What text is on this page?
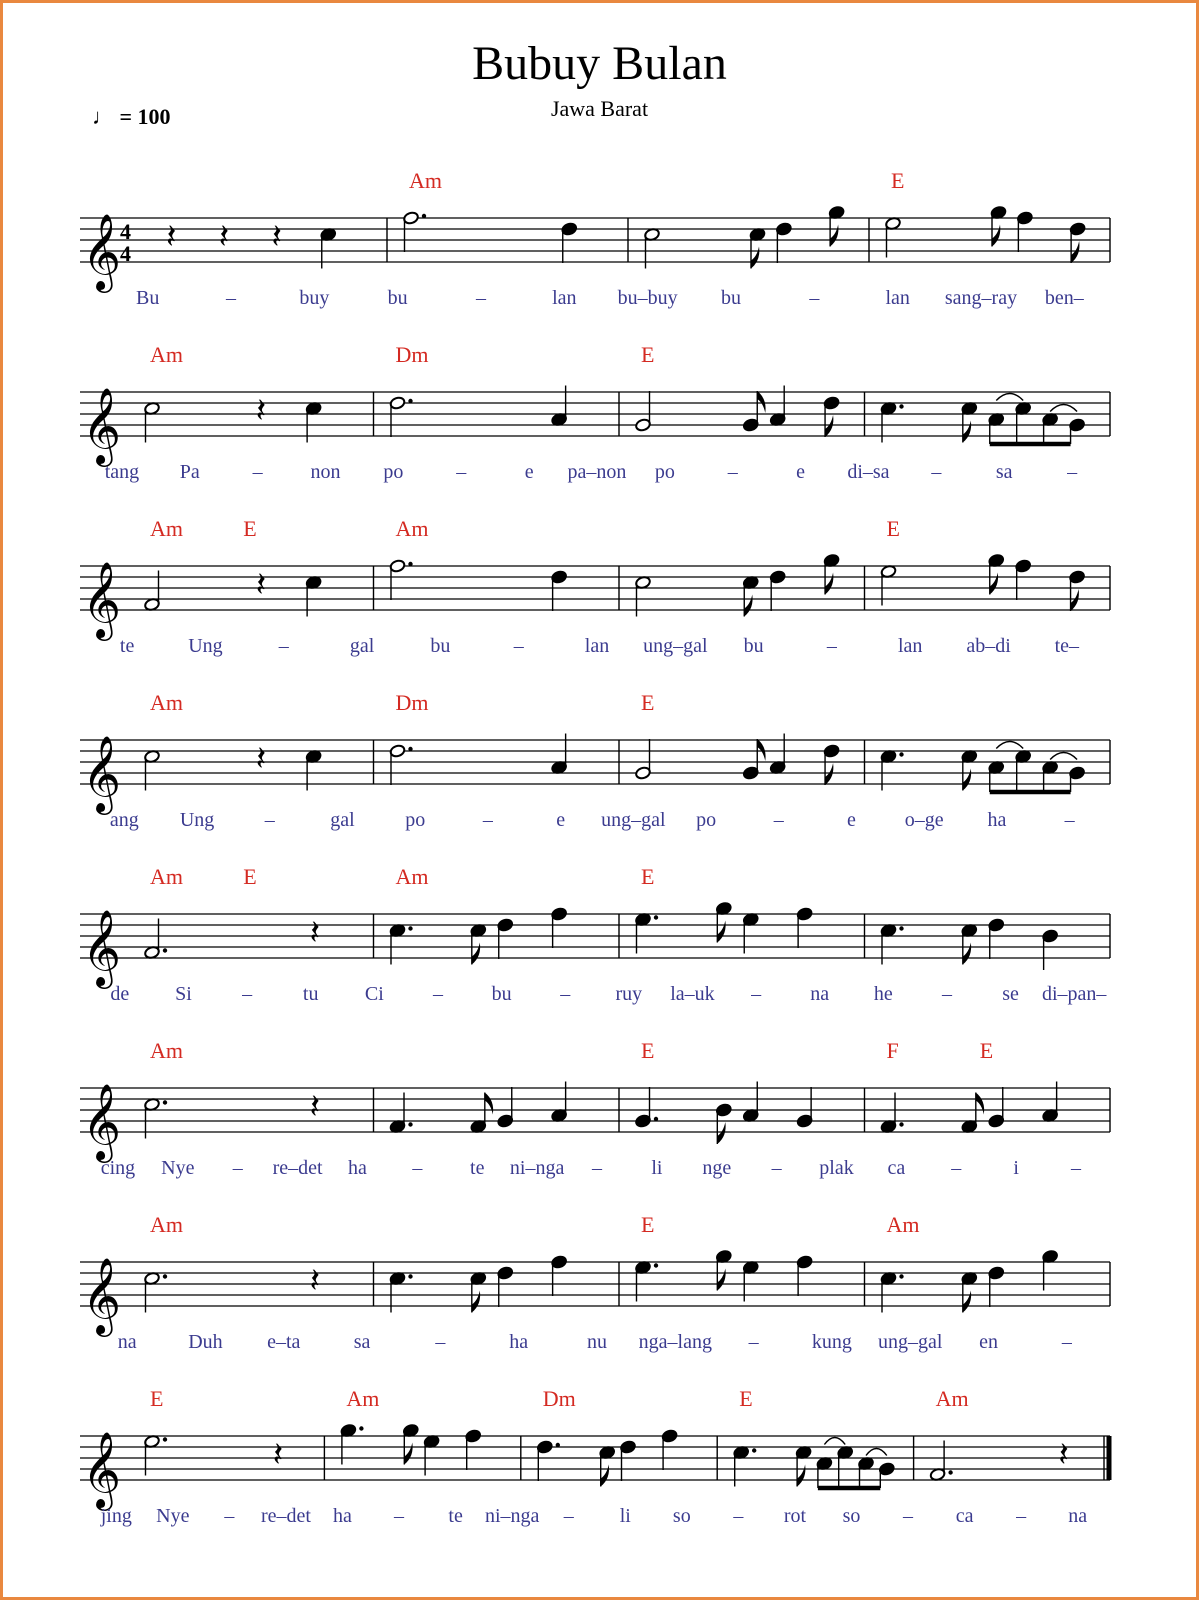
Bubuy Bulan
Jawa Barat
♩ = 100
𝄞
4
4 𝄽 𝄽 𝄽
Am	E
Bu	–	buy	bu	–	lan bu–buy bu	–	lan sang–ray ben–
𝄞
Am
𝄽
Dm	E
tang Pa	– non po	–	e pa–non po	–	e di–sa –	sa	–
𝄞
Am	E
𝄽
Am	E
te	Ung	–	gal	bu	–	lan ung–gal bu	–	lan ab–di te–
𝄞
Am
𝄽
Dm	E
ang Ung	–	gal	po	–	e ung–gal po	–	e o–ge ha	–
𝄞
Am	E
𝄽
Am	E
de Si	–	tu Ci – bu – ruy la–uk – na he –	se di–pan–
𝄞
Am
𝄽
E	F	E
cing Nye – re–det ha – te ni–nga – li nge – plak ca –	i	–
𝄞
Am
𝄽
E	Am
na	Duh e–ta	sa	–	ha	nu nga–lang –	kung ung–gal en	–
𝄞
E
𝄽
Am	Dm	E	Am
𝄽
jing Nye – re–det ha – te ni–nga – li so – rot so – ca – na
